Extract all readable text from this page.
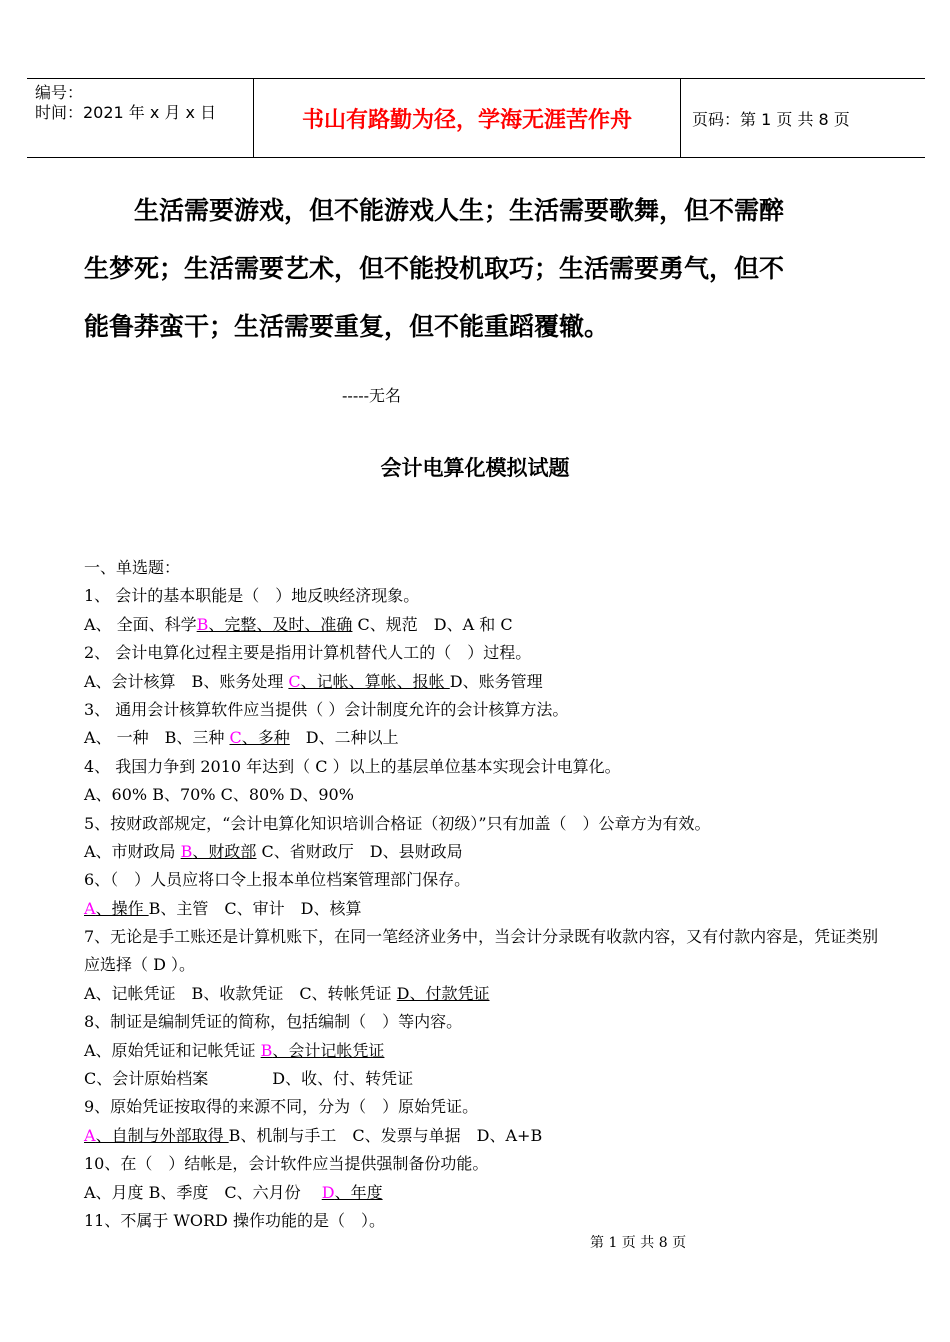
编号：
时间：2021 年 x 月 x 日	书山有路勤为径，学海无涯苦作舟	页码：第 1 页 共 8 页
　　生活需要游戏，但不能游戏人生；生活需要歌舞，但不需醉
生梦死；生活需要艺术，但不能投机取巧；生活需要勇气，但不
能鲁莽蛮干；生活需要重复，但不能重蹈覆辙。
-----无名
会计电算化模拟试题
一、单选题：
1、 会计的基本职能是（　）地反映经济现象。
A、 全面、科学B、完整、及时、准确 C、规范　D、A 和 C
2、 会计电算化过程主要是指用计算机替代人工的（　）过程。
A、会计核算　B、账务处理 C、记帐、算帐、报帐 D、账务管理
3、 通用会计核算软件应当提供（ ）会计制度允许的会计核算方法。
A、 一种　B、三种 C、多种　D、二种以上
4、 我国力争到 2010 年达到（ C ）以上的基层单位基本实现会计电算化。
A、60% B、70% C、80% D、90%
5、按财政部规定，“会计电算化知识培训合格证（初级）”只有加盖（　）公章方为有效。
A、市财政局 B、财政部 C、省财政厅　D、县财政局
6、（　）人员应将口令上报本单位档案管理部门保存。
A、操作 B、主管　C、审计　D、核算
7、无论是手工账还是计算机账下，在同一笔经济业务中，当会计分录既有收款内容，又有付款内容是，凭证类别应选择（ D ）。
A、记帐凭证　B、收款凭证　C、转帐凭证 D、付款凭证
8、制证是编制凭证的简称，包括编制（　）等内容。
A、原始凭证和记帐凭证 B、会计记帐凭证
C、会计原始档案　　　　D、收、付、转凭证
9、原始凭证按取得的来源不同，分为（　）原始凭证。
A、自制与外部取得 B、机制与手工　C、发票与单据　D、A+B
10、在（　）结帐是，会计软件应当提供强制备份功能。
A、月度 B、季度　C、六月份　 D、年度
11、不属于 WORD 操作功能的是（　）。
第 1 页 共 8 页
